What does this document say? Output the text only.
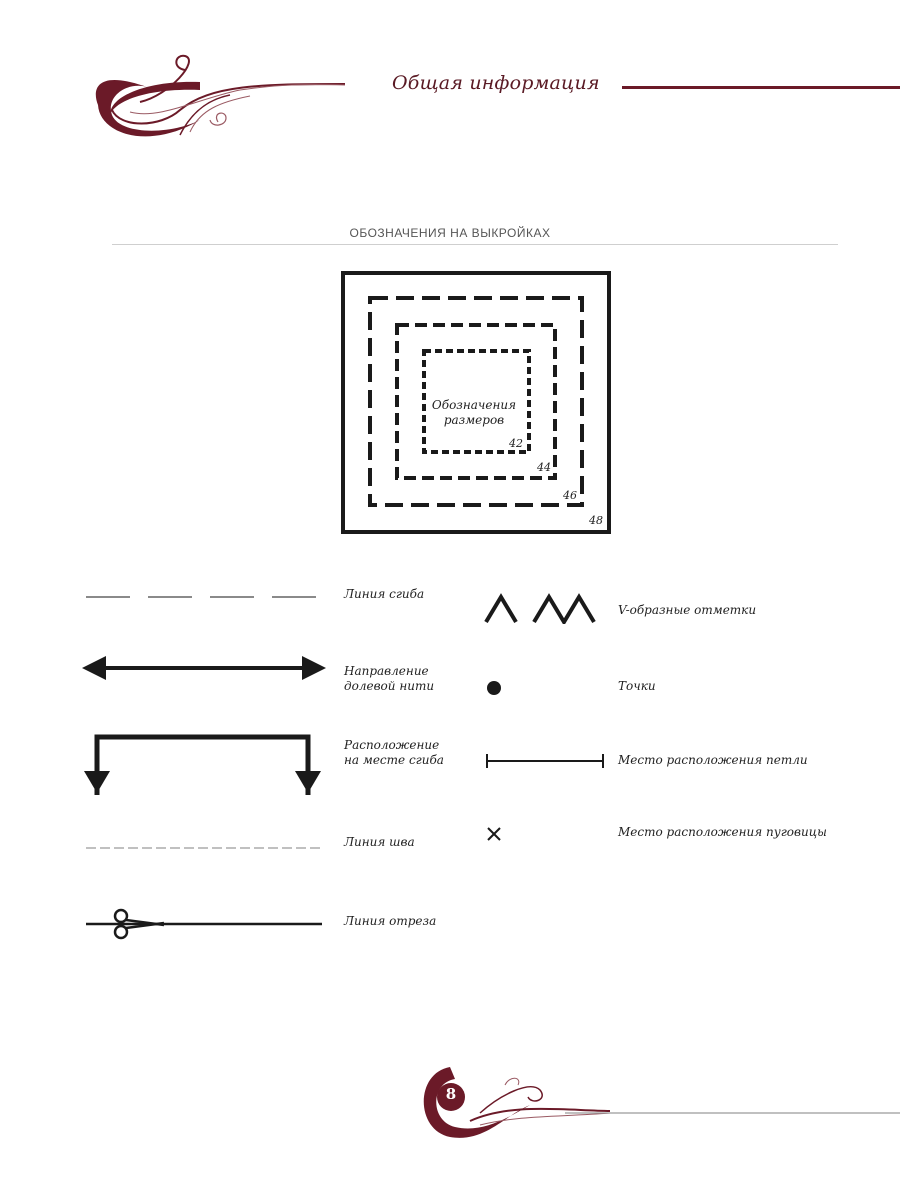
Общая информация
ОБОЗНАЧЕНИЯ НА ВЫКРОЙКАХ
Обозначения
размеров
42
44
46
48
Линия сгиба
Направление
долевой нити
Расположение
на месте сгиба
Линия шва
Линия отреза
V-образные отметки
Точки
Место расположения петли
Место расположения пуговицы
8
